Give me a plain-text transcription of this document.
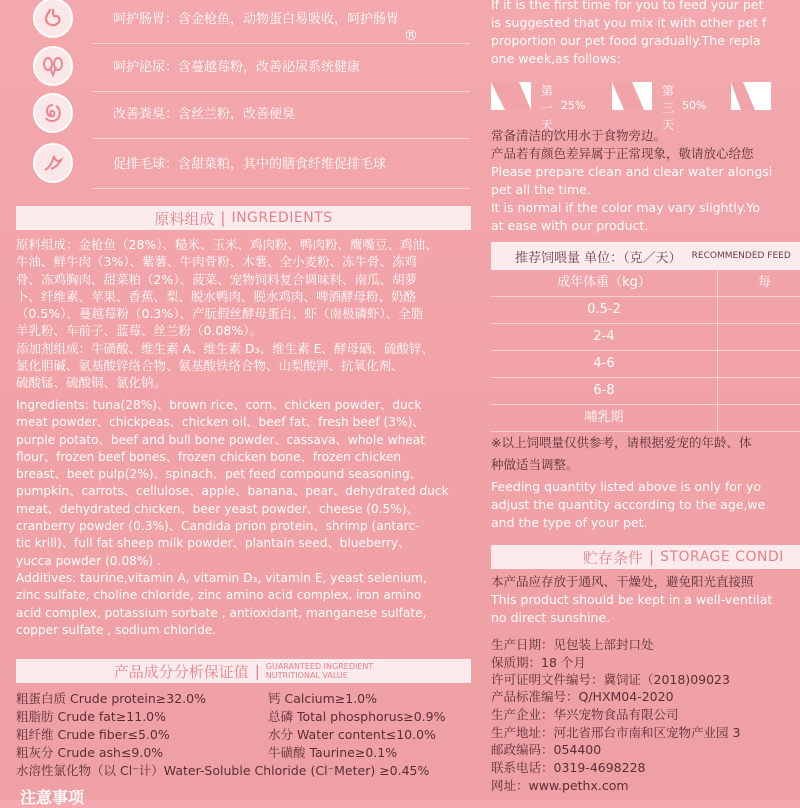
呵护肠胃：含金枪鱼，动物蛋白易吸收，呵护肠胃
®
呵护泌尿：含蔓越莓粉，改善泌尿系统健康
改善粪臭：含丝兰粉，改善便臭
促排毛球：含甜菜粕，其中的膳食纤维促排毛球
原料组成 | INGREDIENTS

原料组成：金枪鱼（28%）、糙米、玉米、鸡肉粉、鸭肉粉、鹰嘴豆、鸡油、

牛油、鲜牛肉（3%）、紫薯、牛肉骨粉、木薯、全小麦粉、冻牛骨、冻鸡

骨、冻鸡胸肉、甜菜粕（2%）、菠菜、宠物饲料复合调味料、南瓜、胡萝

卜、纤维素、苹果、香蕉、梨、脱水鸭肉、脱水鸡肉、啤酒酵母粉、奶酪

（0.5%）、蔓越莓粉（0.3%）、产朊假丝酵母蛋白、虾（南极磷虾）、全脂

羊乳粉、车前子、蓝莓、丝兰粉（0.08%）。

添加剂组成：牛磺酸、维生素 A、维生素 D₃、维生素 E、酵母硒、硫酸锌、

氯化胆碱、氨基酸锌络合物、氨基酸铁络合物、山梨酸钾、抗氧化剂、

硫酸锰、硫酸铜、氯化钠。

Ingredients: tuna(28%)、brown rice、corn、chicken powder、duck

meat powder、chickpeas、chicken oil、beef fat、fresh beef (3%)、

purple potato、beef and bull bone powder、cassava、whole wheat

flour、frozen beef bones、frozen chicken bone、frozen chicken

breast、beet pulp(2%)、spinach、pet feed compound seasoning、

pumpkin、carrots、cellulose、apple、banana、pear、dehydrated duck

meat、dehydrated chicken、beer yeast powder、cheese (0.5%)、

cranberry powder (0.3%)、Candida prion protein、shrimp (antarc-

tic krill)、full fat sheep milk powder、plantain seed、blueberry、

yucca powder (0.08%) .

Additives: taurine,vitamin A, vitamin D₃, vitamin E, yeast selenium,

zinc sulfate, choline chloride, zinc amino acid complex, iron amino

acid complex, potassium sorbate , antioxidant, manganese sulfate,

copper sulfate , sodium chloride.

产品成分分析保证值 | GUARANTEED INGREDIENT
NUTRITIONAL VALUE
粗蛋白质 Crude protein≥32.0%
粗脂肪 Crude fat≥11.0%
粗纤维 Crude fiber≤5.0%
粗灰分 Crude ash≤9.0%
钙 Calcium≥1.0%
总磷 Total phosphorus≥0.9%
水分 Water content≤10.0%
牛磺酸 Taurine≥0.1%
水溶性氯化物（以 Cl⁻计）Water-Soluble Chloride (Cl⁻Meter) ≥0.45%
注意事项
If it is the first time for you to feed your pet
is suggested that you mix it with other pet f
proportion our pet food gradually.The repla
one week,as follows:
第一天
25%
第三天
50%
常备清洁的饮用水于食物旁边。
产品若有颜色差异属于正常现象，敬请放心给您
Please prepare clean and clear water alongsi
pet all the time.
It is normal if the color may vary slightly.Yo
at ease with our product.
推荐饲喂量 单位：（克／天） RECOMMENDED FEED
成年体重（kg）	每
0.5-2
2-4
4-6
6-8
哺乳期
※以上饲喂量仅供参考，请根据爱宠的年龄、体
种做适当调整。
Feeding quantity listed above is only for yo
adjust the quantity according to the age,we
and the type of your pet.
贮存条件 | STORAGE CONDI
本产品应存放于通风、干燥处，避免阳光直接照
This product should be kept in a well-ventilat
no direct sunshine.
生产日期：见包装上部封口处
保质期：18 个月
许可证明文件编号：冀饲证（2018)09023
产品标准编号：Q/HXM04-2020
生产企业：华兴宠物食品有限公司
生产地址：河北省邢台市南和区宠物产业园 3
邮政编码：054400
联系电话：0319-4698228
网址：www.pethx.com
